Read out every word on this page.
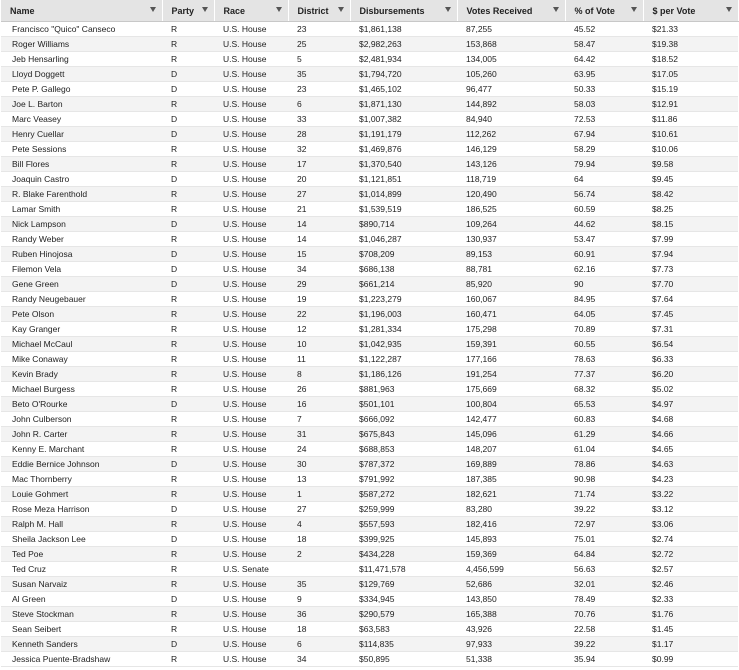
Name	Party	Race	District	Disbursements	Votes Received	% of Vote	$ per Vote

Francisco "Quico" Canseco	R	U.S. House	23	$1,861,138	87,255	45.52	$21.33
Roger Williams	R	U.S. House	25	$2,982,263	153,868	58.47	$19.38
Jeb Hensarling	R	U.S. House	5	$2,481,934	134,005	64.42	$18.52
Lloyd Doggett	D	U.S. House	35	$1,794,720	105,260	63.95	$17.05
Pete P. Gallego	D	U.S. House	23	$1,465,102	96,477	50.33	$15.19
Joe L. Barton	R	U.S. House	6	$1,871,130	144,892	58.03	$12.91
Marc Veasey	D	U.S. House	33	$1,007,382	84,940	72.53	$11.86
Henry Cuellar	D	U.S. House	28	$1,191,179	112,262	67.94	$10.61
Pete Sessions	R	U.S. House	32	$1,469,876	146,129	58.29	$10.06
Bill Flores	R	U.S. House	17	$1,370,540	143,126	79.94	$9.58
Joaquin Castro	D	U.S. House	20	$1,121,851	118,719	64	$9.45
R. Blake Farenthold	R	U.S. House	27	$1,014,899	120,490	56.74	$8.42
Lamar Smith	R	U.S. House	21	$1,539,519	186,525	60.59	$8.25
Nick Lampson	D	U.S. House	14	$890,714	109,264	44.62	$8.15
Randy Weber	R	U.S. House	14	$1,046,287	130,937	53.47	$7.99
Ruben Hinojosa	D	U.S. House	15	$708,209	89,153	60.91	$7.94
Filemon Vela	D	U.S. House	34	$686,138	88,781	62.16	$7.73
Gene Green	D	U.S. House	29	$661,214	85,920	90	$7.70
Randy Neugebauer	R	U.S. House	19	$1,223,279	160,067	84.95	$7.64
Pete Olson	R	U.S. House	22	$1,196,003	160,471	64.05	$7.45
Kay Granger	R	U.S. House	12	$1,281,334	175,298	70.89	$7.31
Michael McCaul	R	U.S. House	10	$1,042,935	159,391	60.55	$6.54
Mike Conaway	R	U.S. House	11	$1,122,287	177,166	78.63	$6.33
Kevin Brady	R	U.S. House	8	$1,186,126	191,254	77.37	$6.20
Michael Burgess	R	U.S. House	26	$881,963	175,669	68.32	$5.02
Beto O'Rourke	D	U.S. House	16	$501,101	100,804	65.53	$4.97
John Culberson	R	U.S. House	7	$666,092	142,477	60.83	$4.68
John R. Carter	R	U.S. House	31	$675,843	145,096	61.29	$4.66
Kenny E. Marchant	R	U.S. House	24	$688,853	148,207	61.04	$4.65
Eddie Bernice Johnson	D	U.S. House	30	$787,372	169,889	78.86	$4.63
Mac Thornberry	R	U.S. House	13	$791,992	187,385	90.98	$4.23
Louie Gohmert	R	U.S. House	1	$587,272	182,621	71.74	$3.22
Rose Meza Harrison	D	U.S. House	27	$259,999	83,280	39.22	$3.12
Ralph M. Hall	R	U.S. House	4	$557,593	182,416	72.97	$3.06
Sheila Jackson Lee	D	U.S. House	18	$399,925	145,893	75.01	$2.74
Ted Poe	R	U.S. House	2	$434,228	159,369	64.84	$2.72
Ted Cruz	R	U.S. Senate		$11,471,578	4,456,599	56.63	$2.57
Susan Narvaiz	R	U.S. House	35	$129,769	52,686	32.01	$2.46
Al Green	D	U.S. House	9	$334,945	143,850	78.49	$2.33
Steve Stockman	R	U.S. House	36	$290,579	165,388	70.76	$1.76
Sean Seibert	R	U.S. House	18	$63,583	43,926	22.58	$1.45
Kenneth Sanders	D	U.S. House	6	$114,835	97,933	39.22	$1.17
Jessica Puente-Bradshaw	R	U.S. House	34	$50,895	51,338	35.94	$0.99
